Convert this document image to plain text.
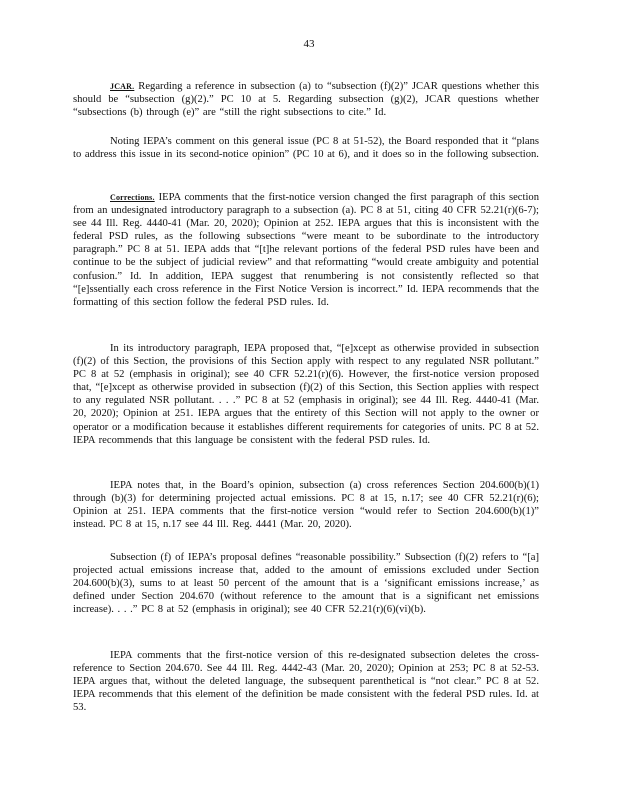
43

JCAR. Regarding a reference in subsection (a) to “subsection (f)(2)” JCAR questions whether this should be “subsection (g)(2).” PC 10 at 5. Regarding subsection (g)(2), JCAR questions whether “subsections (b) through (e)” are “still the right subsections to cite.” Id.

Noting IEPA’s comment on this general issue (PC 8 at 51-52), the Board responded that it “plans to address this issue in its second-notice opinion” (PC 10 at 6), and it does so in the following subsection.

Corrections. IEPA comments that the first-notice version changed the first paragraph of this section from an undesignated introductory paragraph to a subsection (a). PC 8 at 51, citing 40 CFR 52.21(r)(6-7); see 44 Ill. Reg. 4440-41 (Mar. 20, 2020); Opinion at 252. IEPA argues that this is inconsistent with the federal PSD rules, as the following subsections “were meant to be subordinate to the introductory paragraph.” PC 8 at 51. IEPA adds that “[t]he relevant portions of the federal PSD rules have been and continue to be the subject of judicial review” and that reformatting “would create ambiguity and potential confusion.” Id. In addition, IEPA suggest that renumbering is not consistently reflected so that “[e]ssentially each cross reference in the First Notice Version is incorrect.” Id. IEPA recommends that the formatting of this section follow the federal PSD rules. Id.

In its introductory paragraph, IEPA proposed that, “[e]xcept as otherwise provided in subsection (f)(2) of this Section, the provisions of this Section apply with respect to any regulated NSR pollutant.” PC 8 at 52 (emphasis in original); see 40 CFR 52.21(r)(6). However, the first-notice version proposed that, “[e]xcept as otherwise provided in subsection (f)(2) of this Section, this Section applies with respect to any regulated NSR pollutant. . . .” PC 8 at 52 (emphasis in original); see 44 Ill. Reg. 4440-41 (Mar. 20, 2020); Opinion at 251. IEPA argues that the entirety of this Section will not apply to the owner or operator or a modification because it establishes different requirements for categories of units. PC 8 at 52. IEPA recommends that this language be consistent with the federal PSD rules. Id.

IEPA notes that, in the Board’s opinion, subsection (a) cross references Section 204.600(b)(1) through (b)(3) for determining projected actual emissions. PC 8 at 15, n.17; see 40 CFR 52.21(r)(6); Opinion at 251. IEPA comments that the first-notice version “would refer to Section 204.600(b)(1)” instead. PC 8 at 15, n.17 see 44 Ill. Reg. 4441 (Mar. 20, 2020).

Subsection (f) of IEPA’s proposal defines “reasonable possibility.” Subsection (f)(2) refers to “[a] projected actual emissions increase that, added to the amount of emissions excluded under Section 204.600(b)(3), sums to at least 50 percent of the amount that is a ‘significant emissions increase,’ as defined under Section 204.670 (without reference to the amount that is a significant net emissions increase). . . .” PC 8 at 52 (emphasis in original); see 40 CFR 52.21(r)(6)(vi)(b).

IEPA comments that the first-notice version of this re-designated subsection deletes the cross-reference to Section 204.670. See 44 Ill. Reg. 4442-43 (Mar. 20, 2020); Opinion at 253; PC 8 at 52-53. IEPA argues that, without the deleted language, the subsequent parenthetical is “not clear.” PC 8 at 52. IEPA recommends that this element of the definition be made consistent with the federal PSD rules. Id. at 53.
